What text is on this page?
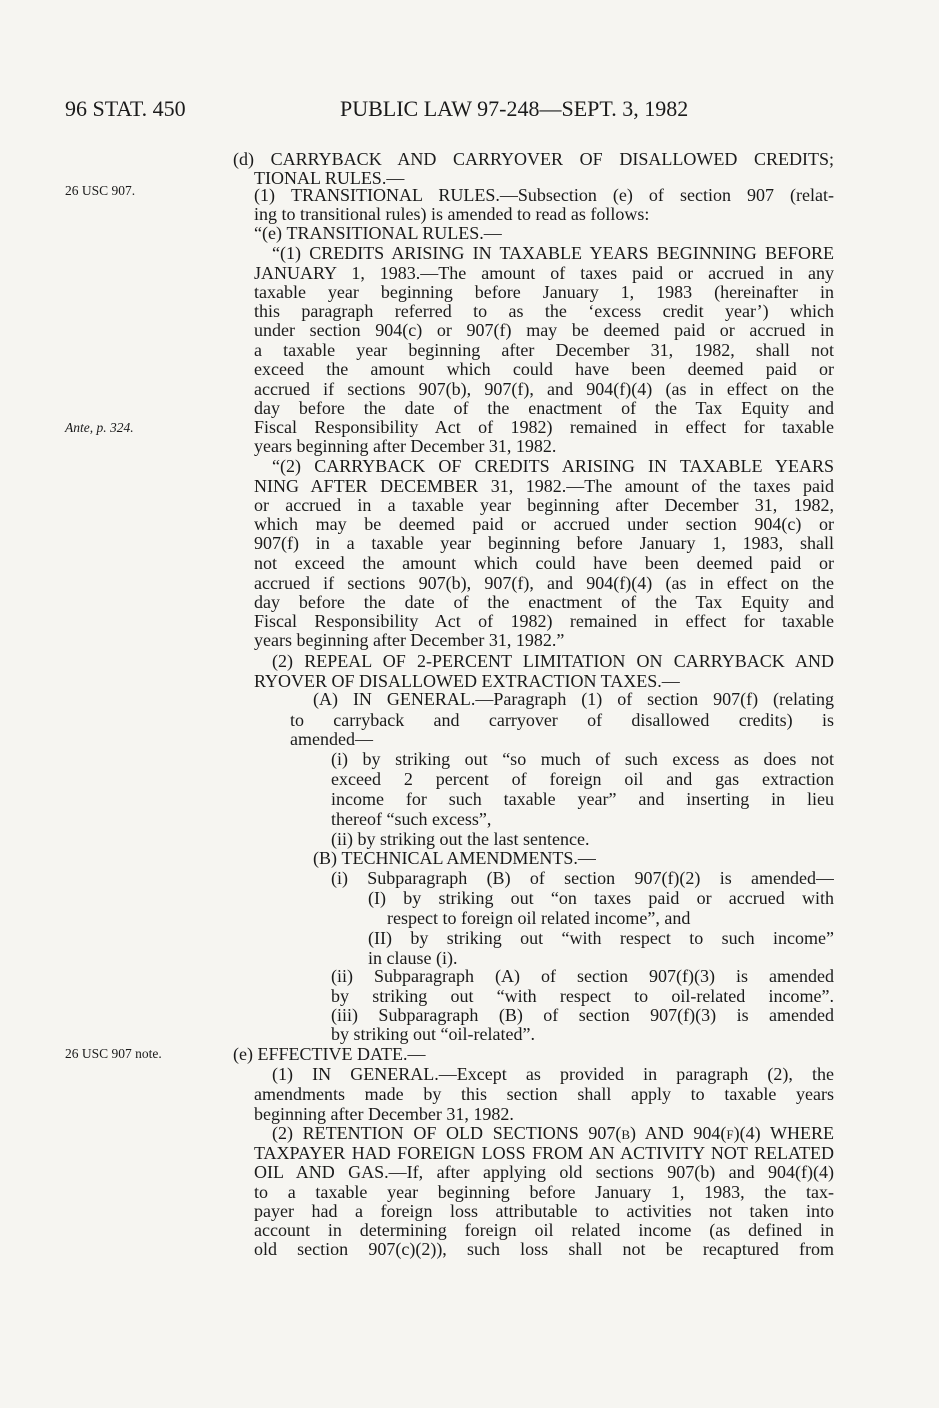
96 STAT. 450	PUBLIC LAW 97-248—SEPT. 3, 1982
26 USC 907.
Ante, p. 324.
26 USC 907 note.
(d) CARRYBACK AND CARRYOVER OF DISALLOWED CREDITS;
TIONAL RULES.—
(1) TRANSITIONAL RULES.—Subsection (e) of section 907 (relat-
ing to transitional rules) is amended to read as follows:
“(e) TRANSITIONAL RULES.—
“(1) CREDITS ARISING IN TAXABLE YEARS BEGINNING BEFORE
JANUARY 1, 1983.—The amount of taxes paid or accrued in any
taxable year beginning before January 1, 1983 (hereinafter in
this paragraph referred to as the ‘excess credit year’) which
under section 904(c) or 907(f) may be deemed paid or accrued in
a taxable year beginning after December 31, 1982, shall not
exceed the amount which could have been deemed paid or
accrued if sections 907(b), 907(f), and 904(f)(4) (as in effect on the
day before the date of the enactment of the Tax Equity and
Fiscal Responsibility Act of 1982) remained in effect for taxable
years beginning after December 31, 1982.
“(2) CARRYBACK OF CREDITS ARISING IN TAXABLE YEARS
NING AFTER DECEMBER 31, 1982.—The amount of the taxes paid
or accrued in a taxable year beginning after December 31, 1982,
which may be deemed paid or accrued under section 904(c) or
907(f) in a taxable year beginning before January 1, 1983, shall
not exceed the amount which could have been deemed paid or
accrued if sections 907(b), 907(f), and 904(f)(4) (as in effect on the
day before the date of the enactment of the Tax Equity and
Fiscal Responsibility Act of 1982) remained in effect for taxable
years beginning after December 31, 1982.”
(2) REPEAL OF 2-PERCENT LIMITATION ON CARRYBACK AND
RYOVER OF DISALLOWED EXTRACTION TAXES.—
(A) IN GENERAL.—Paragraph (1) of section 907(f) (relating
to carryback and carryover of disallowed credits) is
amended—
(i) by striking out “so much of such excess as does not
exceed 2 percent of foreign oil and gas extraction
income for such taxable year” and inserting in lieu
thereof “such excess”,
(ii) by striking out the last sentence.
(B) TECHNICAL AMENDMENTS.—
(i) Subparagraph (B) of section 907(f)(2) is amended—
(I) by striking out “on taxes paid or accrued with
respect to foreign oil related income”, and
(II) by striking out “with respect to such income”
in clause (i).
(ii) Subparagraph (A) of section 907(f)(3) is amended
by striking out “with respect to oil-related income”.
(iii) Subparagraph (B) of section 907(f)(3) is amended
by striking out “oil-related”.
(e) EFFECTIVE DATE.—
(1) IN GENERAL.—Except as provided in paragraph (2), the
amendments made by this section shall apply to taxable years
beginning after December 31, 1982.
(2) RETENTION OF OLD SECTIONS 907(b) AND 904(f)(4) WHERE
TAXPAYER HAD FOREIGN LOSS FROM AN ACTIVITY NOT RELATED
OIL AND GAS.—If, after applying old sections 907(b) and 904(f)(4)
to a taxable year beginning before January 1, 1983, the tax-
payer had a foreign loss attributable to activities not taken into
account in determining foreign oil related income (as defined in
old section 907(c)(2)), such loss shall not be recaptured from
